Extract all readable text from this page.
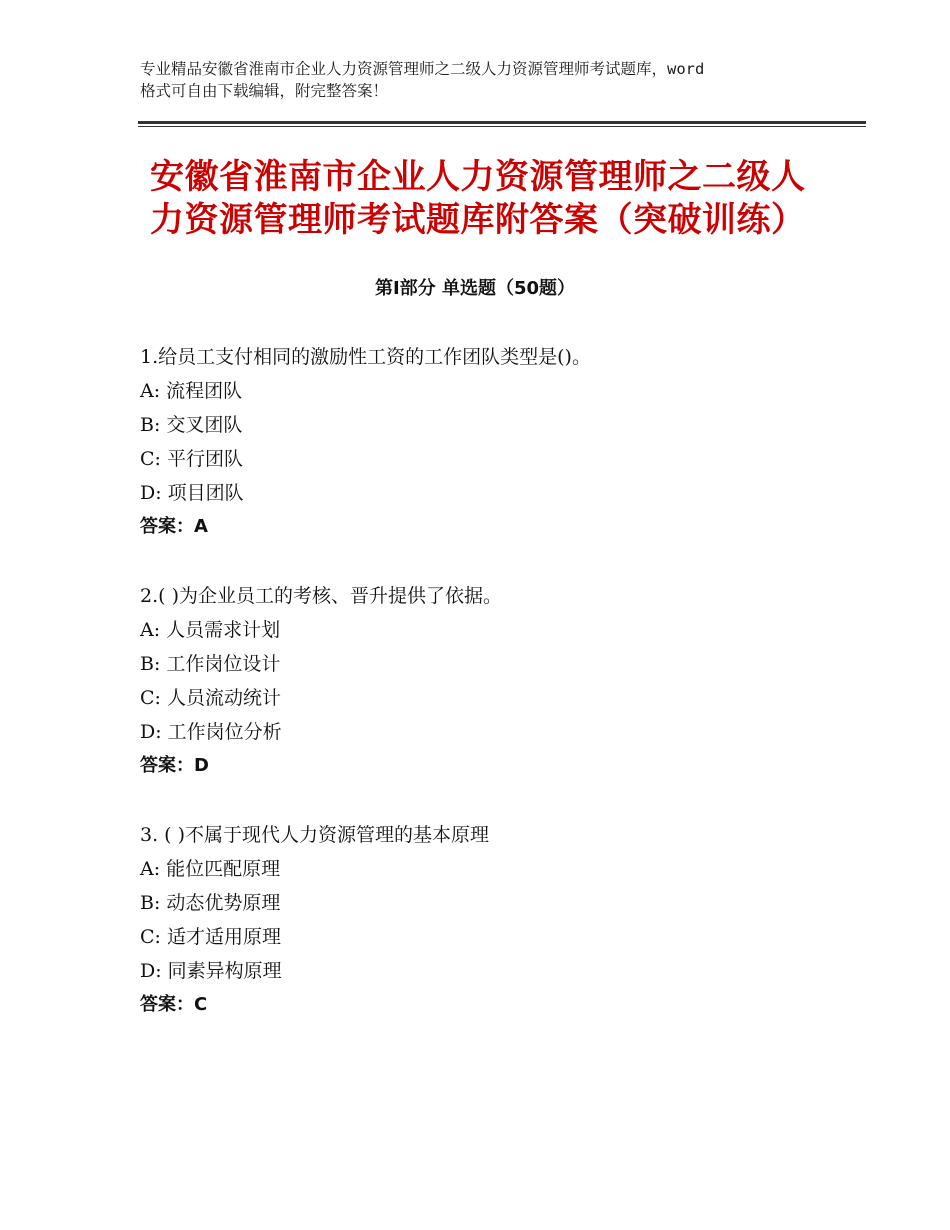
专业精品安徽省淮南市企业人力资源管理师之二级人力资源管理师考试题库，word
格式可自由下载编辑，附完整答案！
安徽省淮南市企业人力资源管理师之二级人
力资源管理师考试题库附答案（突破训练）
第Ⅰ部分 单选题（50题）
1.给员工支付相同的激励性工资的工作团队类型是()。
A: 流程团队
B: 交叉团队
C: 平行团队
D: 项目团队
答案：A
2.( )为企业员工的考核、晋升提供了依据。
A: 人员需求计划
B: 工作岗位设计
C: 人员流动统计
D: 工作岗位分析
答案：D
3. ( )不属于现代人力资源管理的基本原理
A: 能位匹配原理
B: 动态优势原理
C: 适才适用原理
D: 同素异构原理
答案：C
